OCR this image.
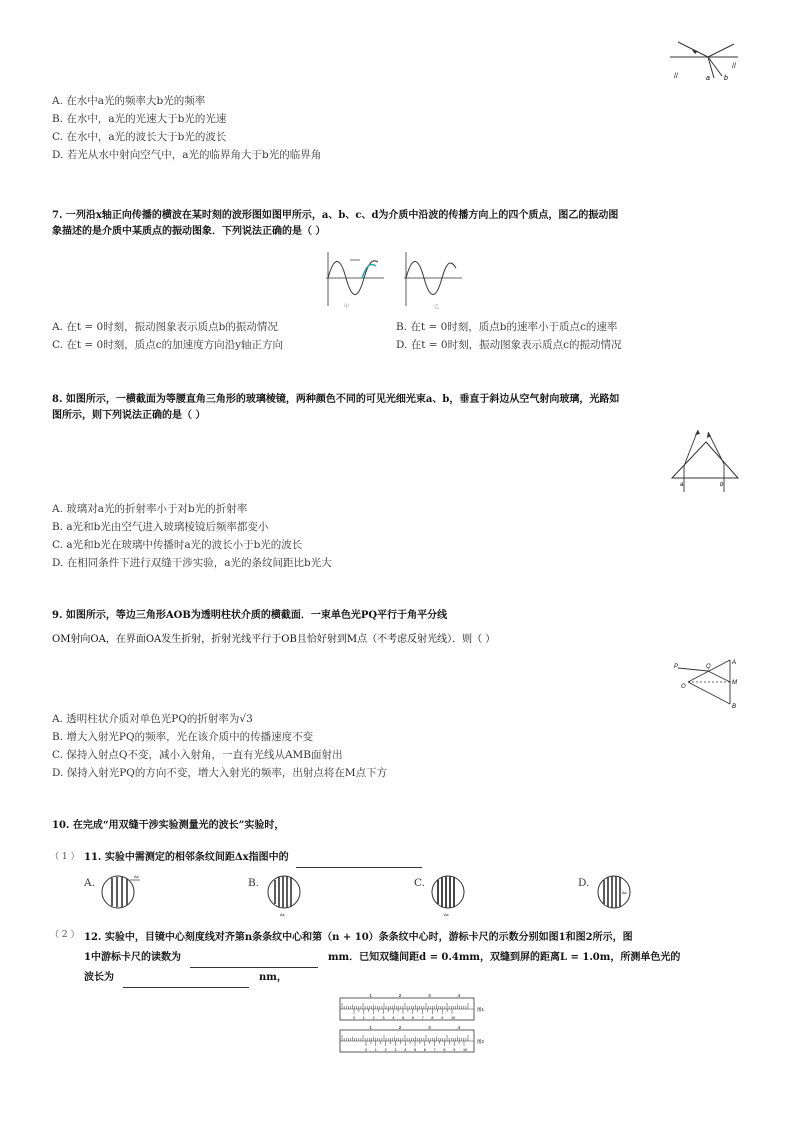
a b
//
//
A. 在水中a光的频率大b光的频率
B. 在水中，a光的光速大于b光的光速
C. 在水中，a光的波长大于b光的波长
D. 若光从水中射向空气中，a光的临界角大于b光的临界角
7. 一列沿x轴正向传播的横波在某时刻的波形图如图甲所示，a、b、c、d为介质中沿波的传播方向上的四个质点，图乙的振动图
象描述的是介质中某质点的振动图象．下列说法正确的是（ ）
甲	乙
A. 在t = 0时刻，振动图象表示质点b的振动情况	B. 在t = 0时刻，质点b的速率小于质点c的速率
C. 在t = 0时刻，质点c的加速度方向沿y轴正方向	D. 在t = 0时刻，振动图象表示质点c的振动情况
8. 如图所示，一横截面为等腰直角三角形的玻璃棱镜，两种颜色不同的可见光细光束a、b，垂直于斜边从空气射向玻璃，光路如
图所示，则下列说法正确的是（ ）
a	b
A. 玻璃对a光的折射率小于对b光的折射率
B. a光和b光由空气进入玻璃棱镜后频率都变小
C. a光和b光在玻璃中传播时a光的波长小于b光的波长
D. 在相同条件下进行双缝干涉实验，a光的条纹间距比b光大
9. 如图所示，等边三角形AOB为透明柱状介质的横截面．一束单色光PQ平行于角平分线
OM射向OA，在界面OA发生折射，折射光线平行于OB且恰好射到M点（不考虑反射光线）．则（ ）
P	Q
A
O
M
B
A. 透明柱状介质对单色光PQ的折射率为√3
B. 增大入射光PQ的频率，光在该介质中的传播速度不变
C. 保持入射点Q不变，减小入射角，一直有光线从AMB面射出
D. 保持入射光PQ的方向不变，增大入射光的频率，出射点将在M点下方
10. 在完成“用双缝干涉实验测量光的波长”实验时，
（ 1 ） 11. 实验中需测定的相邻条纹间距Δx指图中的
A.	B.	C.	D.
Δx
Δx	Δx
Δx
（ 2 ） 12. 实验中，目镜中心刻度线对齐第n条条纹中心和第（n + 10）条条纹中心时，游标卡尺的示数分别如图1和图2所示，图
1中游标卡尺的读数为	mm．已知双缝间距d = 0.4mm，双缝到屏的距离L = 1.0m，所测单色光的
波长为	nm，
1	2	3	4
0 1 2 3 4 5 6 7 8 9 10
图1
1	2	3	4
0 1 2 3 4 5 6 7 8 9 10
图2
